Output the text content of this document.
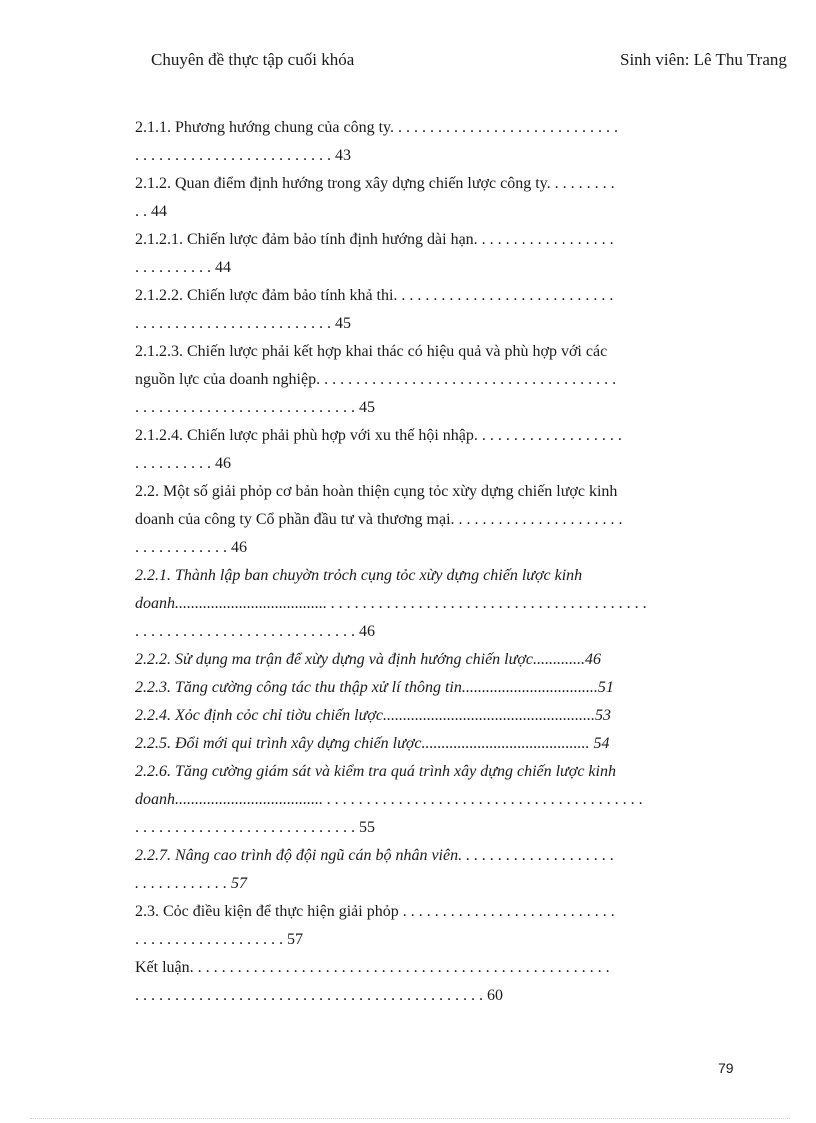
Chuyên đề thực tập cuối khóa	Sinh viên: Lê Thu Trang
2.1.1. Phương hướng chung của công ty. . . . . . . . . . . . . . . . . . . . . . . . . . . . .
. . . . . . . . . . . . . . . . . . . . . . . . . 43
2.1.2. Quan điểm định hướng trong xây dựng chiến lược công ty. . . . . . . . .
. . 44
2.1.2.1. Chiến lược đảm bảo tính định hướng dài hạn. . . . . . . . . . . . . . . . . .
. . . . . . . . . . 44
2.1.2.2. Chiến lược đảm bảo tính khả thi. . . . . . . . . . . . . . . . . . . . . . . . . . . .
. . . . . . . . . . . . . . . . . . . . . . . . . 45
2.1.2.3. Chiến lược phải kết hợp khai thác có hiệu quả và phù hợp với các
nguồn lực của doanh nghiệp. . . . . . . . . . . . . . . . . . . . . . . . . . . . . . . . . . . . . .
. . . . . . . . . . . . . . . . . . . . . . . . . . . . 45
2.1.2.4. Chiến lược phải phù hợp với xu thế hội nhập. . . . . . . . . . . . . . . . . . .
. . . . . . . . . . 46
2.2. Một số giải phỏp cơ bản hoàn thiện cụng tỏc xừy dựng chiến lược kinh
doanh của công ty Cổ phần đầu tư và thương mại. . . . . . . . . . . . . . . . . . . . . .
. . . . . . . . . . . . 46
2.2.1. Thành lập ban chuyờn trỏch cụng tỏc xừy dựng chiến lược kinh
doanh...................................... . . . . . . . . . . . . . . . . . . . . . . . . . . . . . . . . . . . . . . . .
. . . . . . . . . . . . . . . . . . . . . . . . . . . . 46
2.2.2. Sử dụng ma trận để xừy dựng và định hướng chiến lược.............46
2.2.3. Tăng cường công tác thu thập xử lí thông tin..................................51
2.2.4. Xỏc định cỏc chỉ tiờu chiến lược.....................................................53
2.2.5. Đổi mới qui trình xây dựng chiến lược.......................................... 54
2.2.6. Tăng cường giám sát và kiểm tra quá trình xây dựng chiến lược kinh
doanh..................................... . . . . . . . . . . . . . . . . . . . . . . . . . . . . . . . . . . . . . . . .
. . . . . . . . . . . . . . . . . . . . . . . . . . . . 55
2.2.7. Nâng cao trình độ đội ngũ cán bộ nhân viên. . . . . . . . . . . . . . . . . . . .
. . . . . . . . . . . . 57
2.3. Cỏc điều kiện để thực hiện giải phỏp . . . . . . . . . . . . . . . . . . . . . . . . . . .
. . . . . . . . . . . . . . . . . . . 57
Kết luận. . . . . . . . . . . . . . . . . . . . . . . . . . . . . . . . . . . . . . . . . . . . . . . . . . . . .
. . . . . . . . . . . . . . . . . . . . . . . . . . . . . . . . . . . . . . . . . . . . 60
79
